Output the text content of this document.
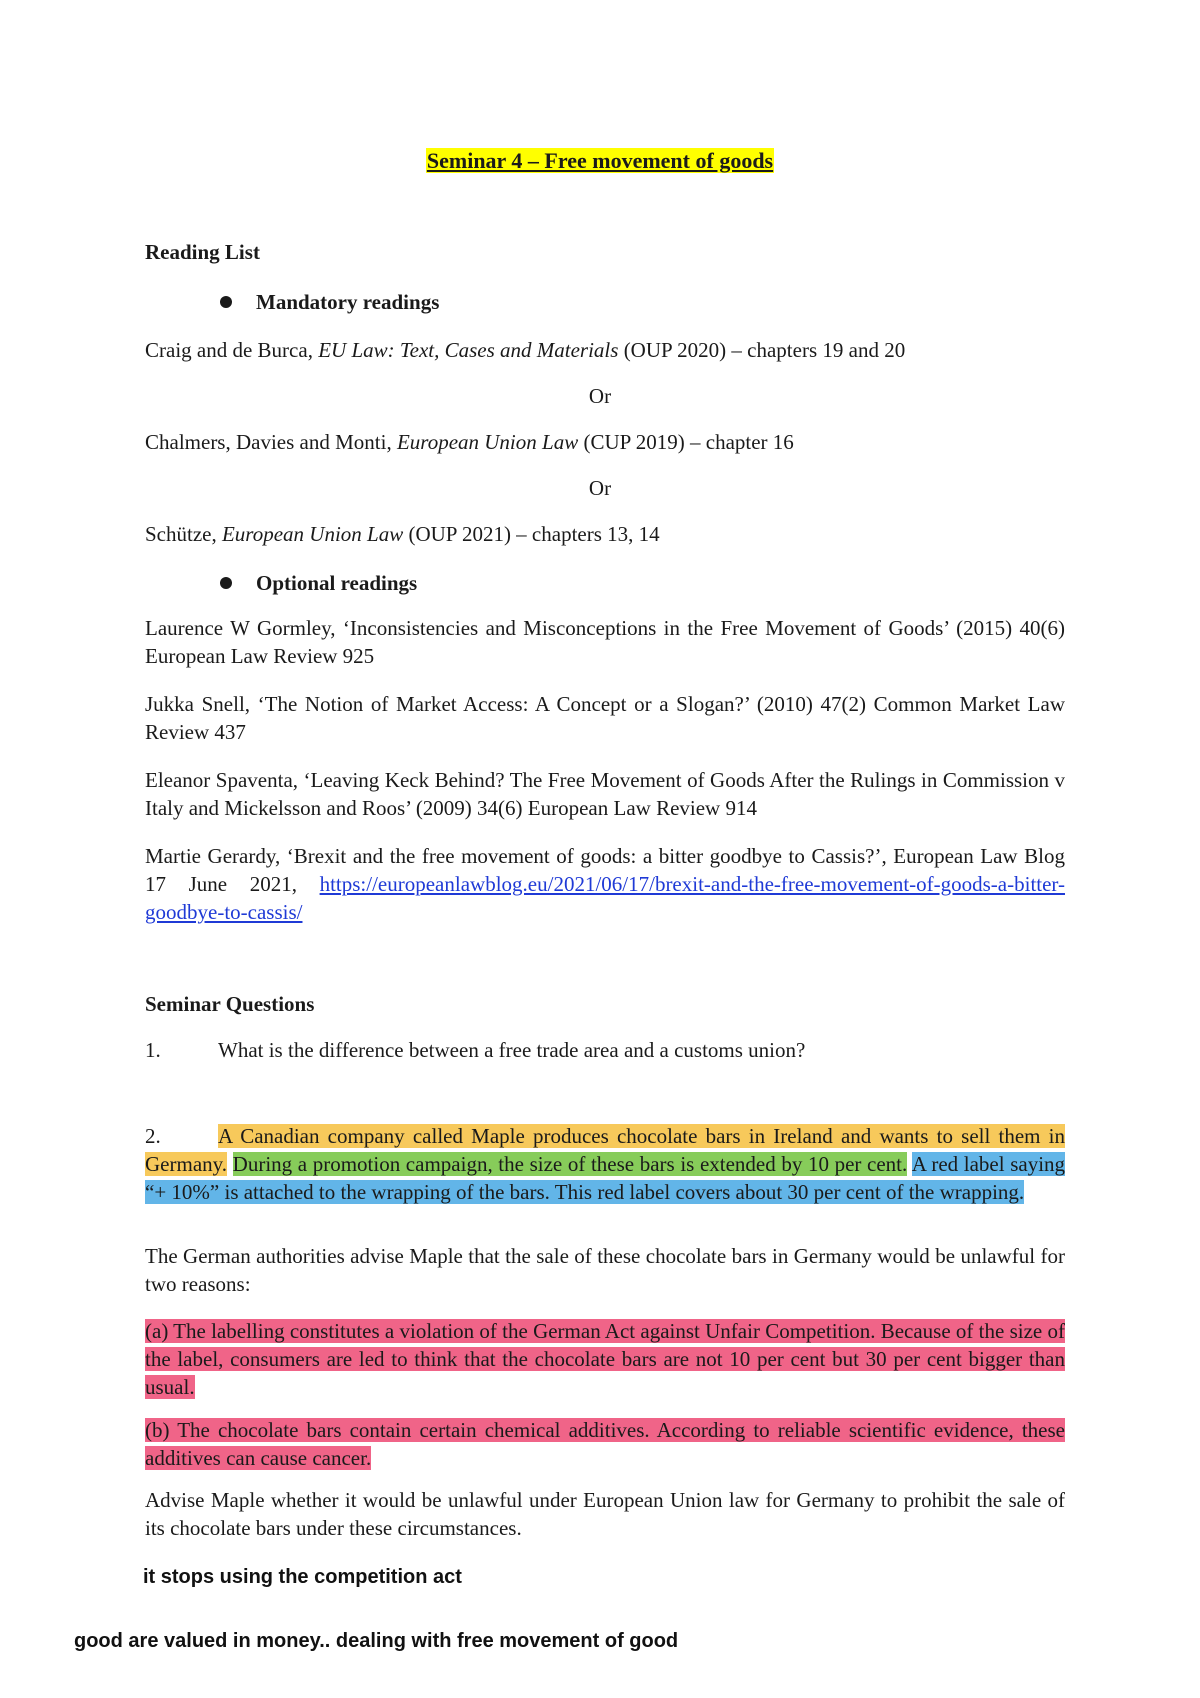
Seminar 4 – Free movement of goods
Reading List
Mandatory readings
Craig and de Burca, EU Law: Text, Cases and Materials (OUP 2020) – chapters 19 and 20
Or
Chalmers, Davies and Monti, European Union Law (CUP 2019) – chapter 16
Or
Schütze, European Union Law (OUP 2021) – chapters 13, 14
Optional readings
Laurence W Gormley, ‘Inconsistencies and Misconceptions in the Free Movement of Goods’ (2015) 40(6) European Law Review 925
Jukka Snell, ‘The Notion of Market Access: A Concept or a Slogan?’ (2010) 47(2) Common Market Law Review 437
Eleanor Spaventa, ‘Leaving Keck Behind? The Free Movement of Goods After the Rulings in Commission v Italy and Mickelsson and Roos’ (2009) 34(6) European Law Review 914
Martie Gerardy, ‘Brexit and the free movement of goods: a bitter goodbye to Cassis?’, European Law Blog 17 June 2021, https://europeanlawblog.eu/2021/06/17/brexit-and-the-free-movement-of-goods-a-bitter-goodbye-to-cassis/
Seminar Questions
1.	What is the difference between a free trade area and a customs union?
2.	A Canadian company called Maple produces chocolate bars in Ireland and wants to sell them in Germany. During a promotion campaign, the size of these bars is extended by 10 per cent. A red label saying “+ 10%” is attached to the wrapping of the bars. This red label covers about 30 per cent of the wrapping.
The German authorities advise Maple that the sale of these chocolate bars in Germany would be unlawful for two reasons:
(a) The labelling constitutes a violation of the German Act against Unfair Competition. Because of the size of the label, consumers are led to think that the chocolate bars are not 10 per cent but 30 per cent bigger than usual.
(b) The chocolate bars contain certain chemical additives. According to reliable scientific evidence, these additives can cause cancer.
Advise Maple whether it would be unlawful under European Union law for Germany to prohibit the sale of its chocolate bars under these circumstances.
it stops using the competition act
good are valued in money.. dealing with free movement of good
